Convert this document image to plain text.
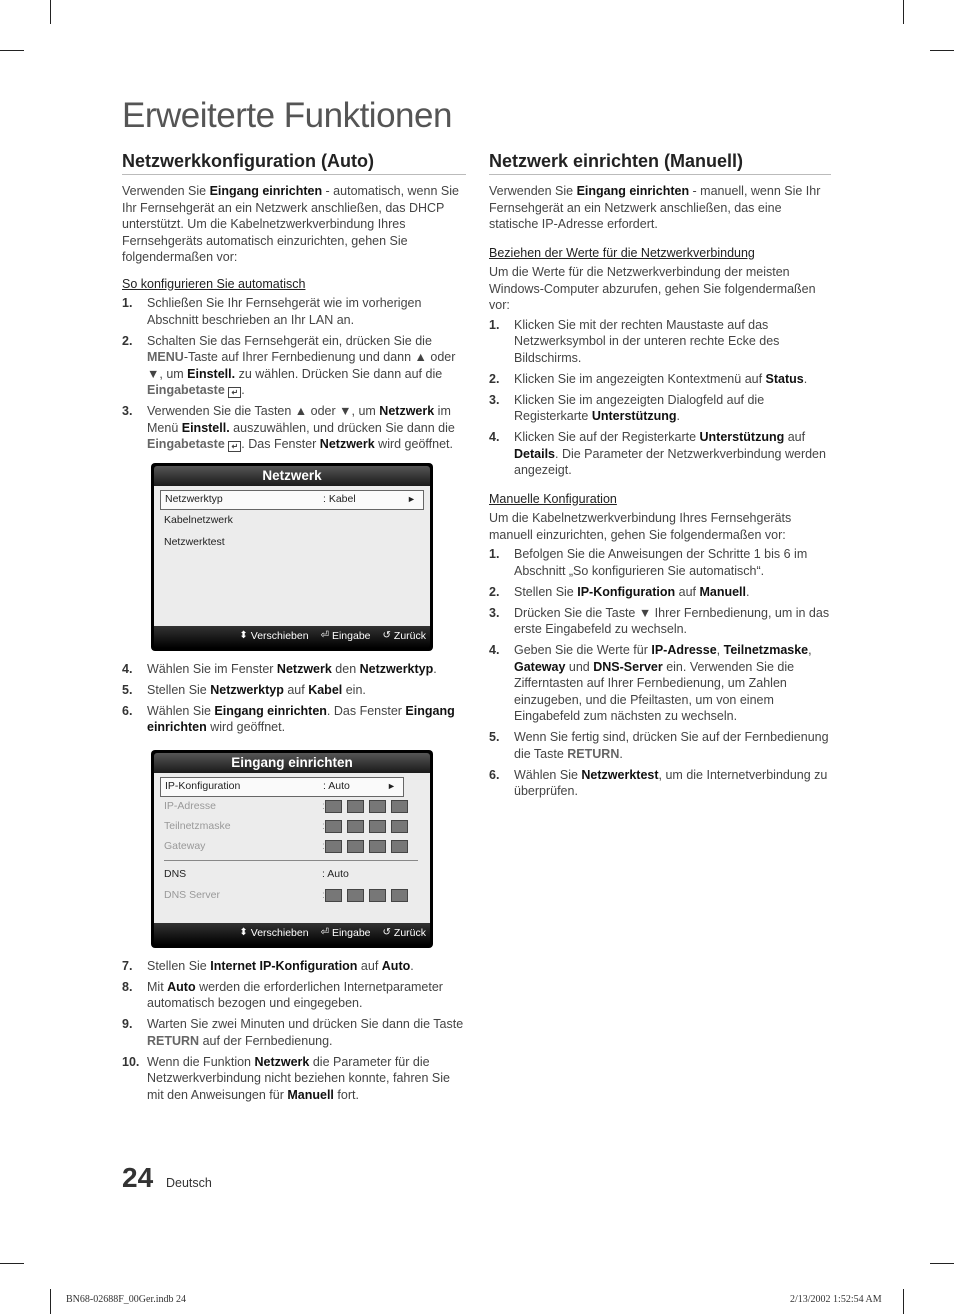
Erweiterte Funktionen
Netzwerkkonfiguration (Auto)

Verwenden Sie Eingang einrichten - automatisch, wenn Sie Ihr Fernsehgerät an ein Netzwerk anschließen, das DHCP unterstützt. Um die Kabelnetzwerkverbindung Ihres Fernsehgeräts automatisch einzurichten, gehen Sie folgendermaßen vor:

So konfigurieren Sie automatisch
1.	Schließen Sie Ihr Fernsehgerät wie im vorherigen Abschnitt beschrieben an Ihr LAN an.
2.	Schalten Sie das Fernsehgerät ein, drücken Sie die MENU-Taste auf Ihrer Fernbedienung und dann ▲ oder ▼, um Einstell. zu wählen. Drücken Sie dann auf die Eingabetaste ↵ .
3.	Verwenden Sie die Tasten ▲ oder ▼, um Netzwerk im Menü Einstell. auszuwählen, und drücken Sie dann die Eingabetaste ↵ . Das Fenster Netzwerk wird geöffnet.
Netzwerk
Netzwerktyp	: Kabel	►
Kabelnetzwerk
Netzwerktest
⬍ Verschieben ⏎ Eingabe ↺ Zurück
4.	Wählen Sie im Fenster Netzwerk den Netzwerktyp.
5.	Stellen Sie Netzwerktyp auf Kabel ein.
6.	Wählen Sie Eingang einrichten. Das Fenster Eingang einrichten wird geöffnet.
Eingang einrichten
IP-Konfiguration	: Auto	►
IP-Adresse	:
Teilnetzmaske	:
Gateway	:
DNS	: Auto
DNS Server	:
⬍ Verschieben ⏎ Eingabe ↺ Zurück
7.	Stellen Sie Internet IP-Konfiguration auf Auto.
8.	Mit Auto werden die erforderlichen Internetparameter automatisch bezogen und eingegeben.
9.	Warten Sie zwei Minuten und drücken Sie dann die Taste RETURN auf der Fernbedienung.
10. Wenn die Funktion Netzwerk die Parameter für die Netzwerkverbindung nicht beziehen konnte, fahren Sie mit den Anweisungen für Manuell fort.
Netzwerk einrichten (Manuell)

Verwenden Sie Eingang einrichten - manuell, wenn Sie Ihr Fernsehgerät an ein Netzwerk anschließen, das eine statische IP-Adresse erfordert.

Beziehen der Werte für die Netzwerkverbindung

Um die Werte für die Netzwerkverbindung der meisten Windows-Computer abzurufen, gehen Sie folgendermaßen vor:

1.	Klicken Sie mit der rechten Maustaste auf das Netzwerksymbol in der unteren rechte Ecke des Bildschirms.
2.	Klicken Sie im angezeigten Kontextmenü auf Status.
3.	Klicken Sie im angezeigten Dialogfeld auf die Registerkarte Unterstützung.
4.	Klicken Sie auf der Registerkarte Unterstützung auf Details. Die Parameter der Netzwerkverbindung werden angezeigt.
Manuelle Konfiguration

Um die Kabelnetzwerkverbindung Ihres Fernsehgeräts manuell einzurichten, gehen Sie folgendermaßen vor:

1.	Befolgen Sie die Anweisungen der Schritte 1 bis 6 im Abschnitt „So konfigurieren Sie automatisch“.
2.	Stellen Sie IP-Konfiguration auf Manuell.
3.	Drücken Sie die Taste ▼ Ihrer Fernbedienung, um in das erste Eingabefeld zu wechseln.
4.	Geben Sie die Werte für IP-Adresse, Teilnetzmaske, Gateway und DNS-Server ein. Verwenden Sie die Zifferntasten auf Ihrer Fernbedienung, um Zahlen einzugeben, und die Pfeiltasten, um von einem Eingabefeld zum nächsten zu wechseln.
5.	Wenn Sie fertig sind, drücken Sie auf der Fernbedienung die Taste RETURN.
6.	Wählen Sie Netzwerktest, um die Internetverbindung zu überprüfen.
24 Deutsch
BN68-02688F_00Ger.indb 24	2/13/2002 1:52:54 AM
